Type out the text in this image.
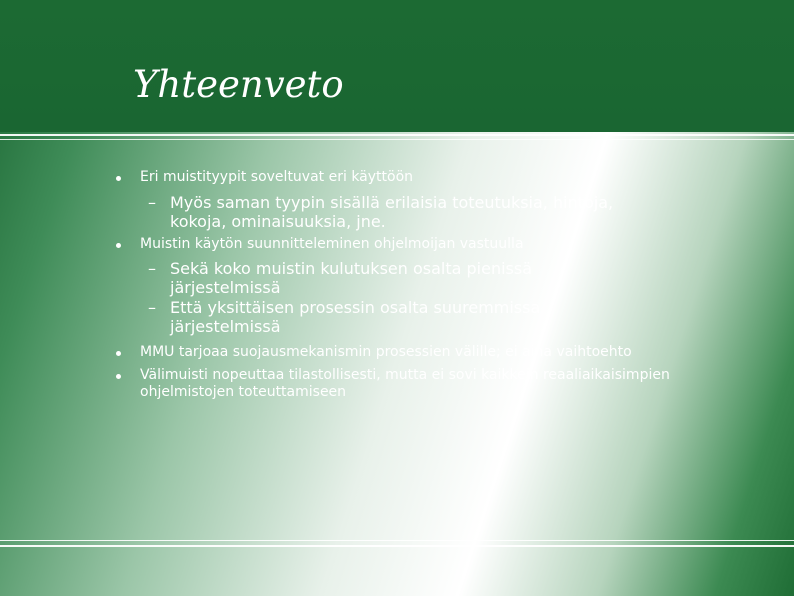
Yhteenveto
Eri muistityypit soveltuvat eri käyttöön
– Myös saman tyypin sisällä erilaisia toteutuksia, hintoja,
kokoja, ominaisuuksia, jne.
Muistin käytön suunnitteleminen ohjelmoijan vastuulla
– Sekä koko muistin kulutuksen osalta pienissä
järjestelmissä
– Että yksittäisen prosessin osalta suuremmissa
järjestelmissä
MMU tarjoaa suojausmekanismin prosessien välille; ei aina vaihtoehto
Välimuisti nopeuttaa tilastollisesti, mutta ei sovi kaikkein reaaliaikaisimpien ohjelmistojen toteuttamiseen
